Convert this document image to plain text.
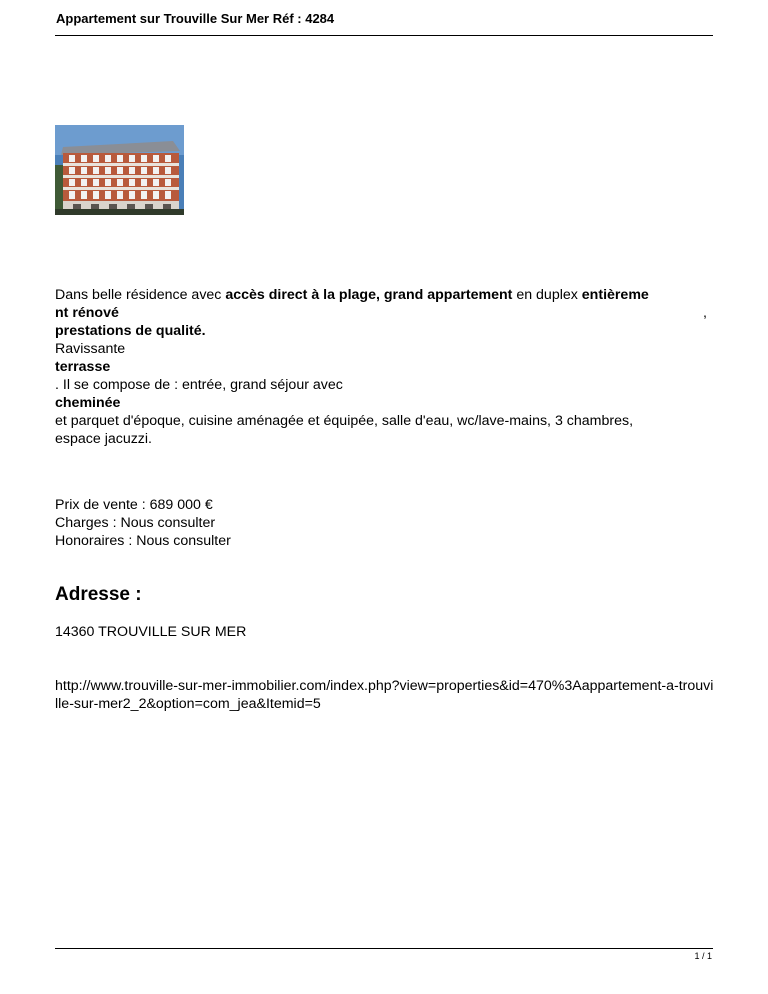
Appartement sur Trouville Sur Mer Réf : 4284
Dans belle résidence avec accès direct à la plage, grand appartement en duplex entièreme
nt rénové	,
prestations de qualité.
Ravissante
terrasse
. Il se compose de : entrée, grand séjour avec
cheminée
et parquet d'époque, cuisine aménagée et équipée, salle d'eau, wc/lave-mains, 3 chambres,
espace jacuzzi.
Prix de vente : 689 000 €
Charges : Nous consulter
Honoraires : Nous consulter
Adresse :
14360 TROUVILLE SUR MER
http://www.trouville-sur-mer-immobilier.com/index.php?view=properties&id=470%3Aappartement-a-trouville-sur-mer2_2&option=com_jea&Itemid=5
1 / 1
